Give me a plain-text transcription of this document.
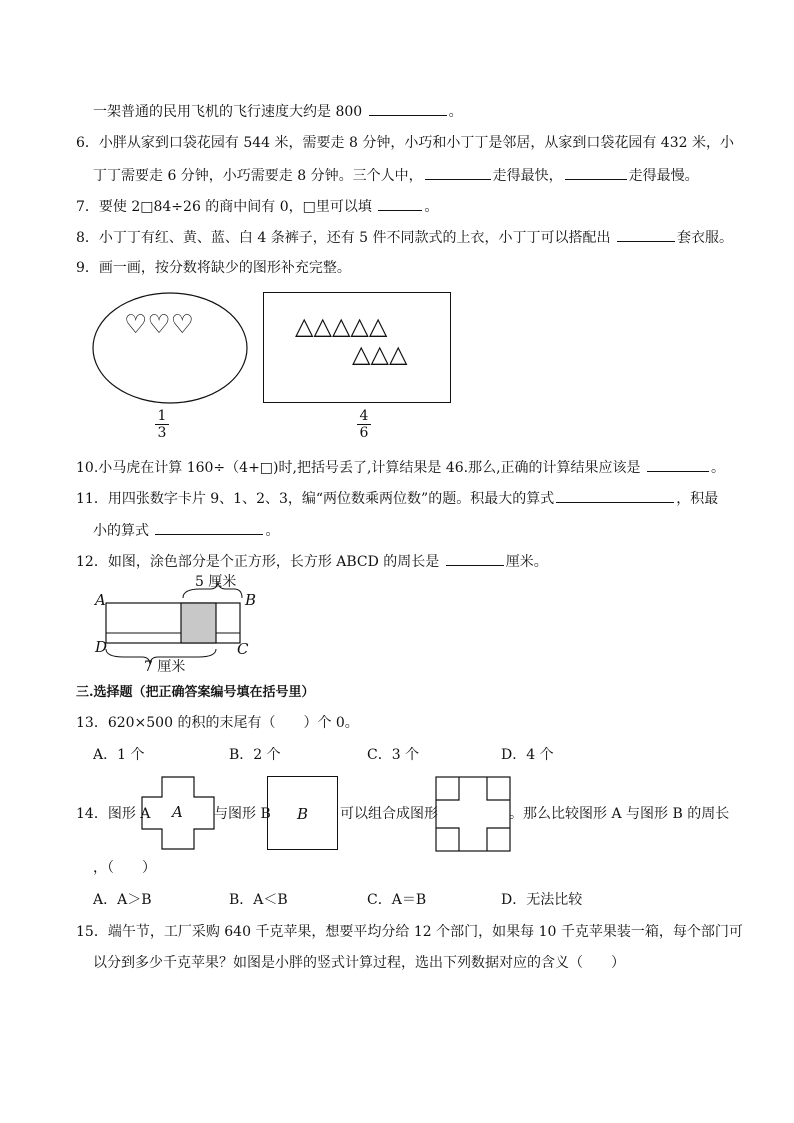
一架普通的民用飞机的飞行速度大约是 800	。
6．小胖从家到口袋花园有 544 米，需要走 8 分钟，小巧和小丁丁是邻居，从家到口袋花园有 432 米，小
丁丁需要走 6 分钟，小巧需要走 8 分钟。三个人中，	走得最快，	走得最慢。
7．要使 2□84÷26 的商中间有 0，□里可以填	。
8．小丁丁有红、黄、蓝、白 4 条裤子，还有 5 件不同款式的上衣，小丁丁可以搭配出	套衣服。
9．画一画，按分数将缺少的图形补充完整。
♡♡♡
1
3
△△△△△
△△△
4
6
10.小马虎在计算 160÷（4+□)时,把括号丢了,计算结果是 46.那么,正确的计算结果应该是	。
11．用四张数字卡片 9、1、2、3，编“两位数乘两位数”的题。积最大的算式	，积最
小的算式	。
12．如图，涂色部分是个正方形，长方形 ABCD 的周长是	厘米。
A	B
C
D
5 厘米
7 厘米
三.选择题（把正确答案编号填在括号里）
13．620×500 的积的末尾有（　　）个 0。
A．1 个	B．2 个	C．3 个	D．4 个
14．图形 A A 与图形 B B 可以组合成图形	。那么比较图形 A 与图形 B 的周长
，（　　）
A．A＞B	B．A＜B	C．A＝B	D．无法比较
15．端午节，工厂采购 640 千克苹果，想要平均分给 12 个部门，如果每 10 千克苹果装一箱，每个部门可
以分到多少千克苹果？如图是小胖的竖式计算过程，选出下列数据对应的含义（　　）
